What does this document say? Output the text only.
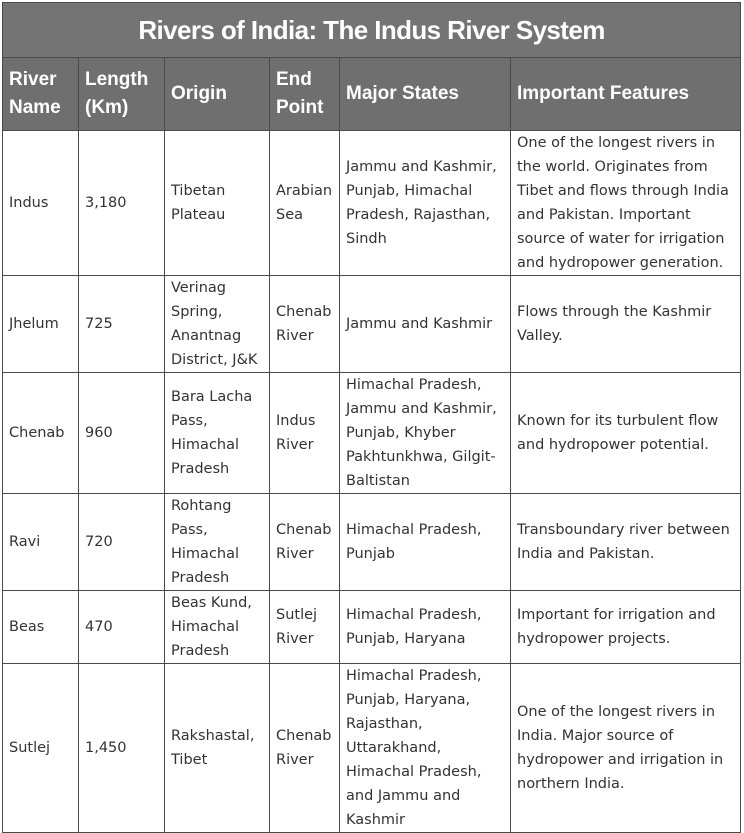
Rivers of India: The Indus River System					
River Name	Length (Km)	Origin	End Point	Major States	Important Features
Indus	3,180	Tibetan Plateau	Arabian Sea	Jammu and Kashmir, Punjab, Himachal Pradesh, Rajasthan, Sindh	One of the longest rivers in the world. Originates from Tibet and flows through India and Pakistan. Important source of water for irrigation and hydropower generation.
Jhelum	725	Verinag Spring, Anantnag District, J&K	Chenab River	Jammu and Kashmir	Flows through the Kashmir Valley.
Chenab	960	Bara Lacha Pass, Himachal Pradesh	Indus River	Himachal Pradesh, Jammu and Kashmir, Punjab, Khyber Pakhtunkhwa, Gilgit-Baltistan	Known for its turbulent flow and hydropower potential.
Ravi	720	Rohtang Pass, Himachal Pradesh	Chenab River	Himachal Pradesh, Punjab	Transboundary river between India and Pakistan.
Beas	470	Beas Kund, Himachal Pradesh	Sutlej River	Himachal Pradesh, Punjab, Haryana	Important for irrigation and hydropower projects.
Sutlej	1,450	Rakshastal, Tibet	Chenab River	Himachal Pradesh, Punjab, Haryana, Rajasthan, Uttarakhand, Himachal Pradesh, and Jammu and Kashmir	One of the longest rivers in India. Major source of hydropower and irrigation in northern India.
